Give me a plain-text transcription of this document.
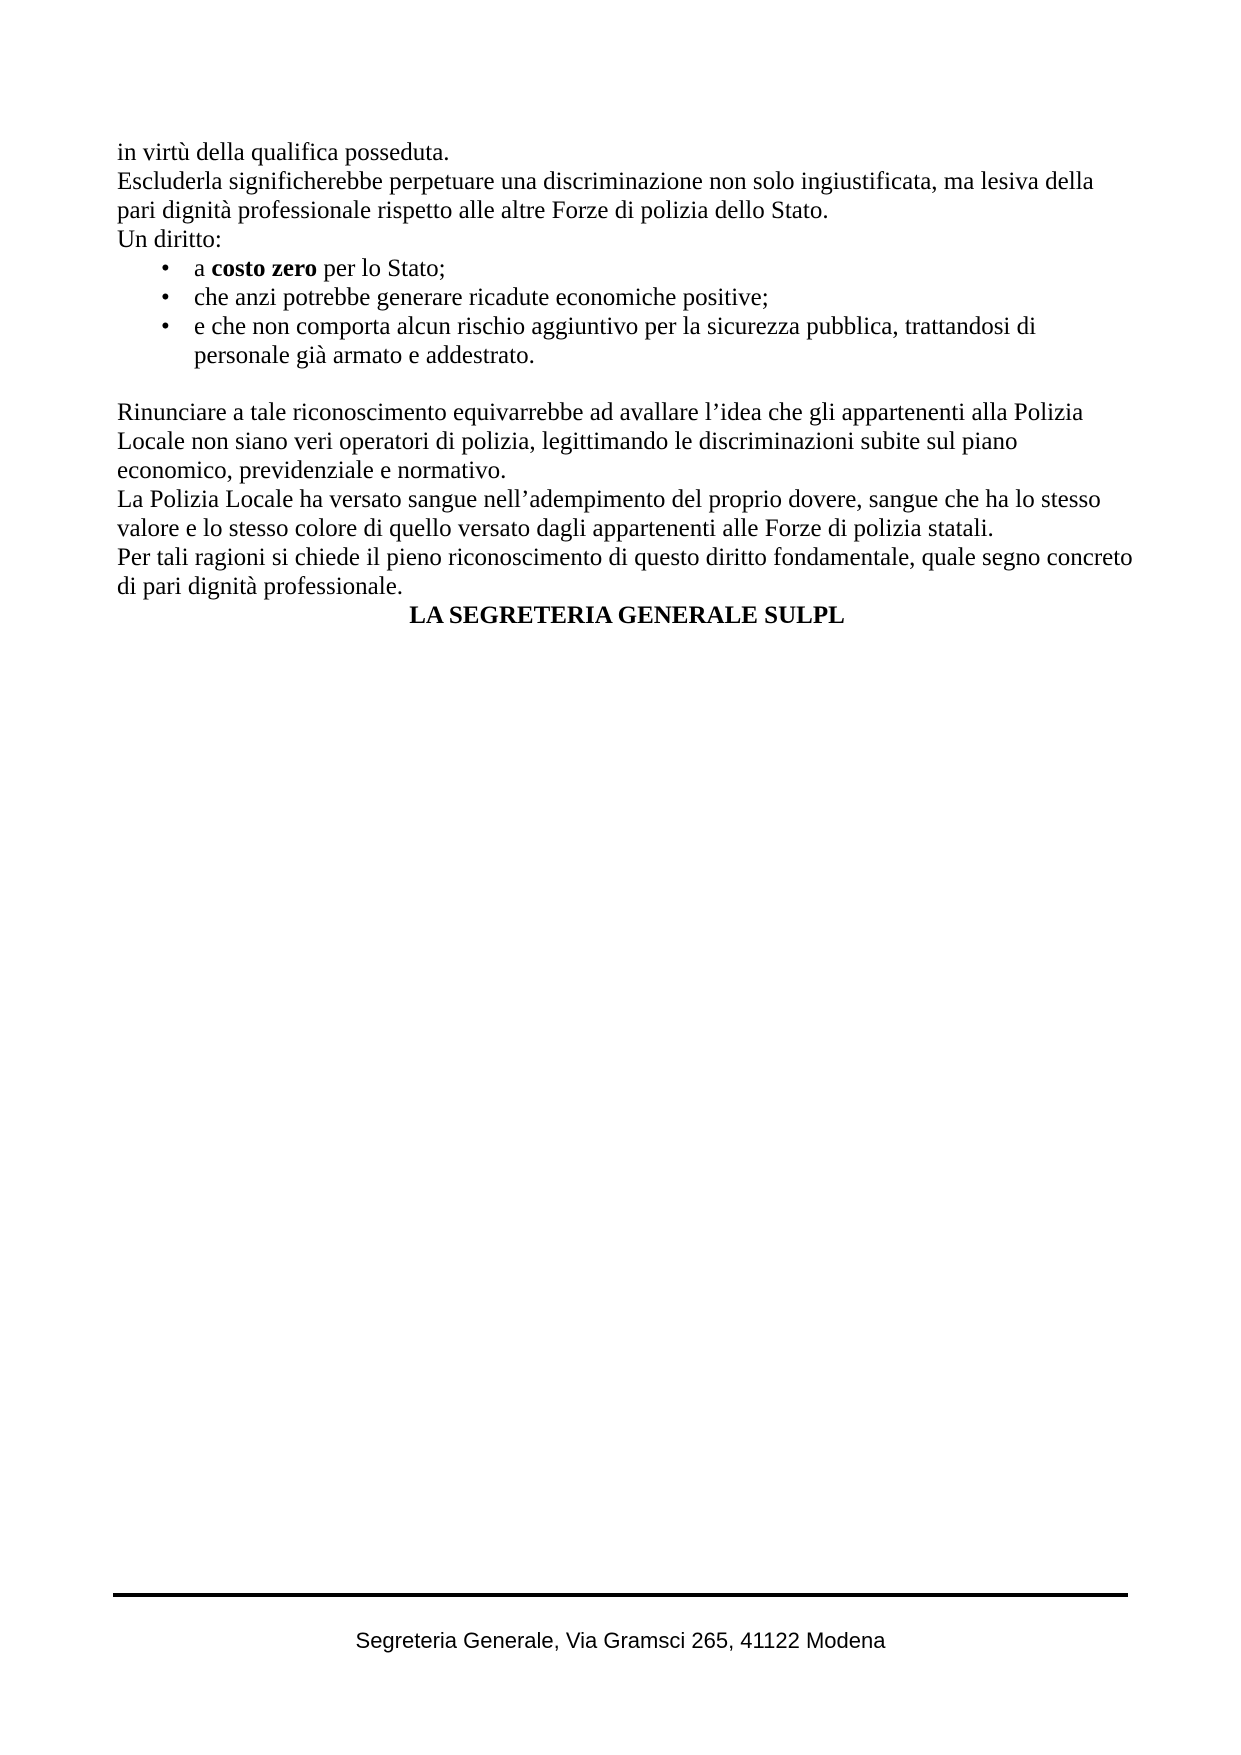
in virtù della qualifica posseduta.

Escluderla significherebbe perpetuare una discriminazione non solo ingiustificata, ma lesiva della pari dignità professionale rispetto alle altre Forze di polizia dello Stato.

Un diritto:

• a costo zero per lo Stato;
• che anzi potrebbe generare ricadute economiche positive;
• e che non comporta alcun rischio aggiuntivo per la sicurezza pubblica, trattandosi di personale già armato e addestrato.

Rinunciare a tale riconoscimento equivarrebbe ad avallare l’idea che gli appartenenti alla Polizia Locale non siano veri operatori di polizia, legittimando le discriminazioni subite sul piano economico, previdenziale e normativo.

La Polizia Locale ha versato sangue nell’adempimento del proprio dovere, sangue che ha lo stesso valore e lo stesso colore di quello versato dagli appartenenti alle Forze di polizia statali.

Per tali ragioni si chiede il pieno riconoscimento di questo diritto fondamentale, quale segno concreto di pari dignità professionale.

LA SEGRETERIA GENERALE SULPL

Segreteria Generale, Via Gramsci 265, 41122 Modena
